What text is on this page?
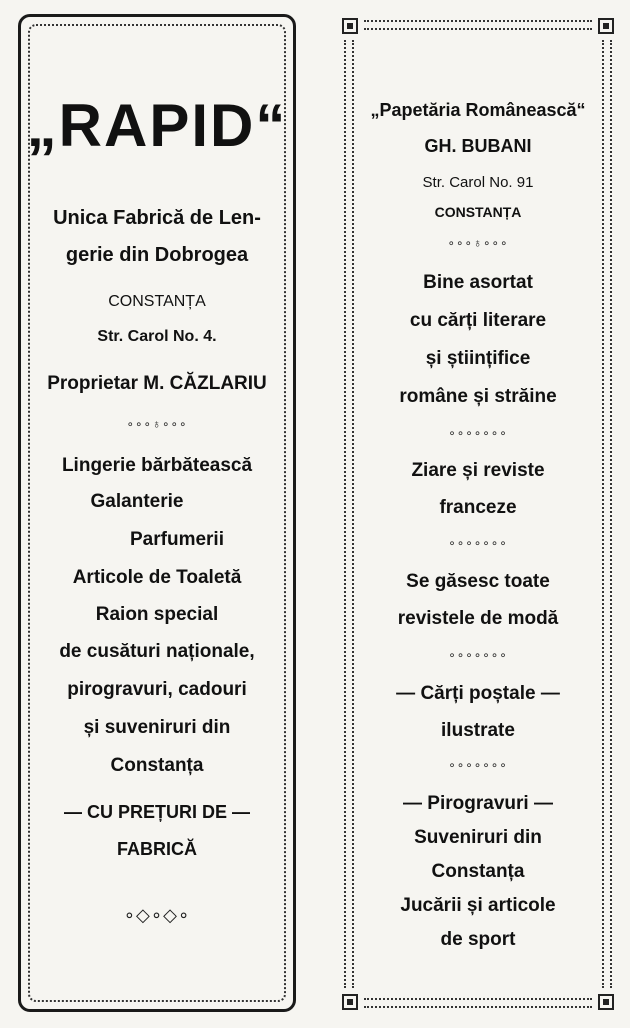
„RAPID“
Unica Fabrică de Len-
gerie din Dobrogea
CONSTANȚA
Str. Carol No. 4.
Proprietar M. CĂZLARIU
∘∘∘♁∘∘∘
Lingerie bărbătească
Galanterie
Parfumerii
Articole de Toaletă
Raion special
de cusături naționale,
pirogravuri, cadouri
și suveniruri din
Constanța
— CU PREȚURI DE —
FABRICĂ
∘◇∘◇∘
„Papetăria Românească“
GH. BUBANI
Str. Carol No. 91
CONSTANȚA
∘∘∘♁∘∘∘
Bine asortat
cu cărți literare
și științifice
române și străine
∘∘∘∘∘∘∘
Ziare și reviste
franceze
∘∘∘∘∘∘∘
Se găsesc toate
revistele de modă
∘∘∘∘∘∘∘
— Cărți poștale —
ilustrate
∘∘∘∘∘∘∘
— Pirogravuri —
Suveniruri din
Constanța
Jucării și articole
de sport
